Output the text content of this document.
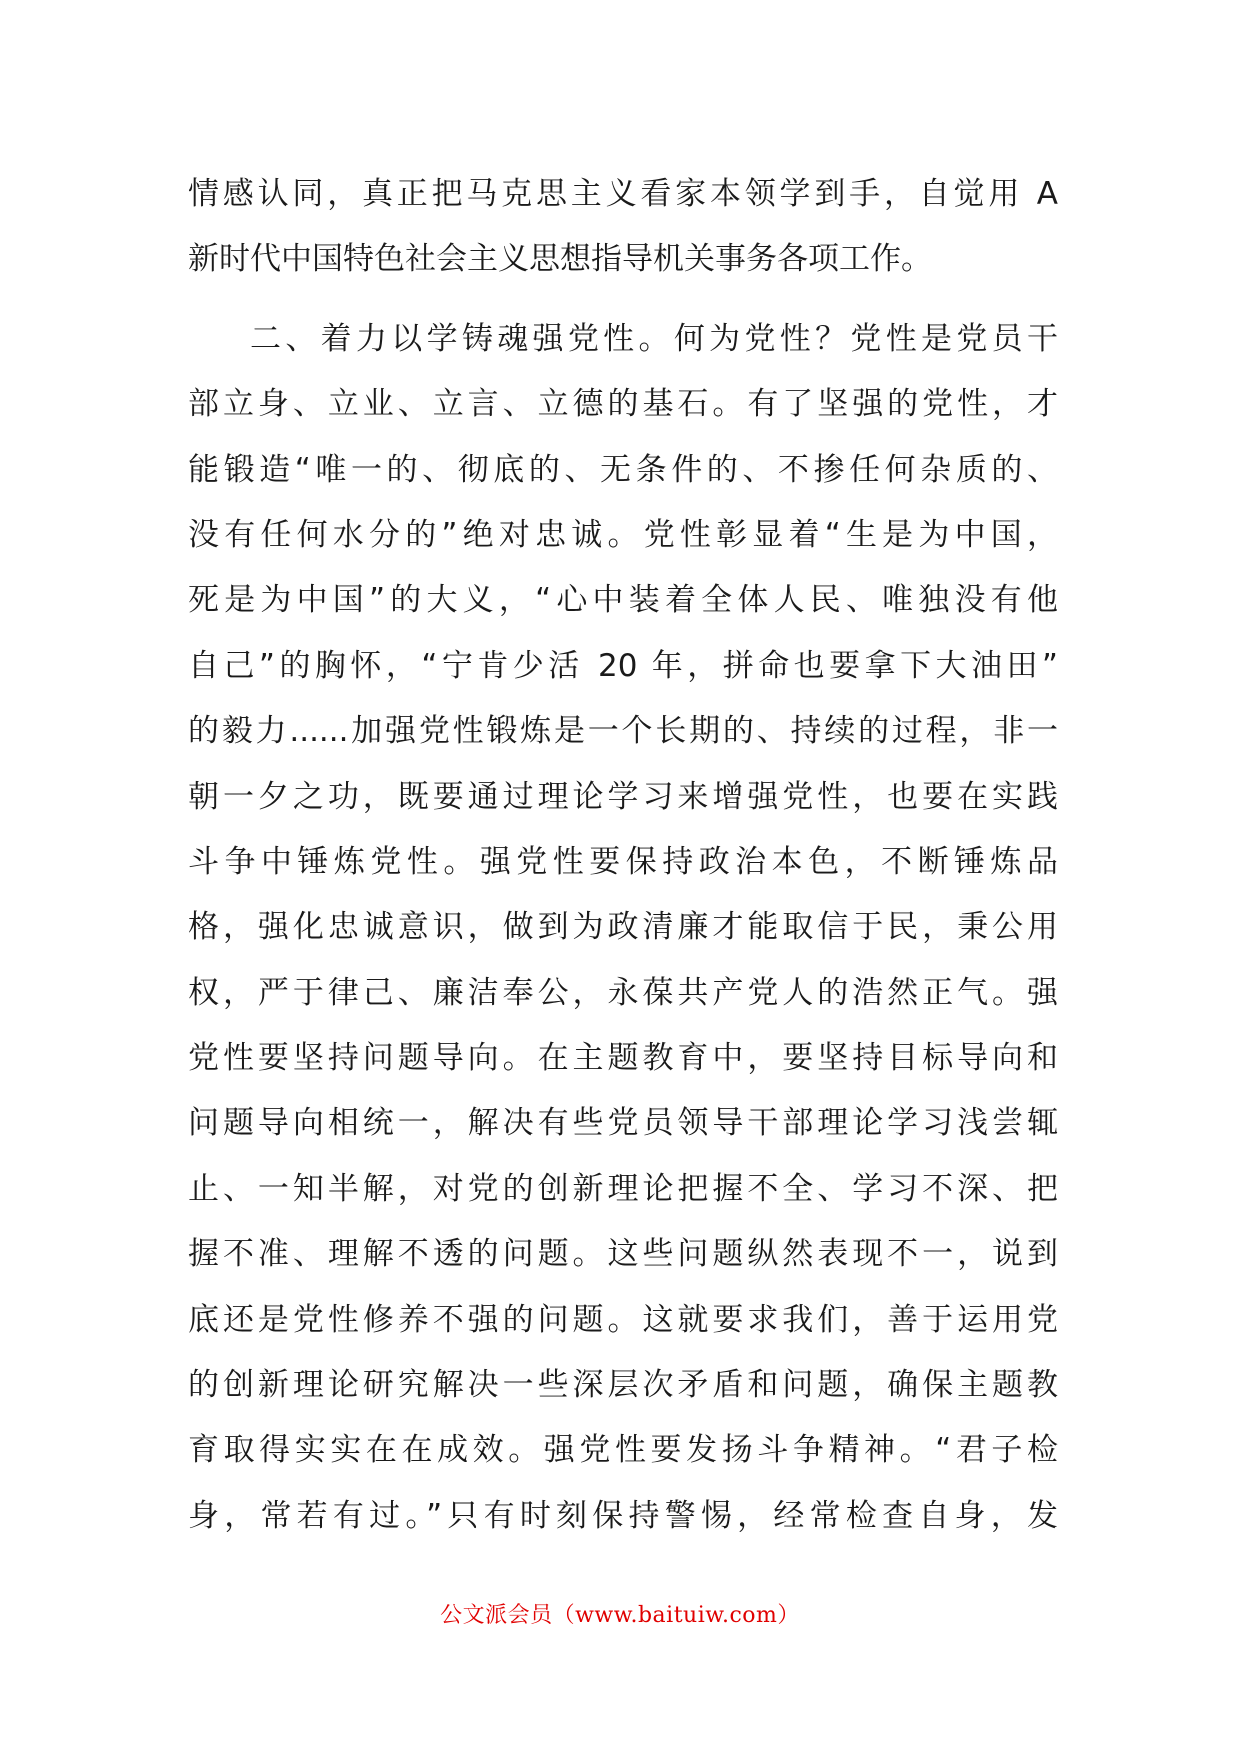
情感认同，真正把马克思主义看家本领学到手，自觉用 A
新时代中国特色社会主义思想指导机关事务各项工作。
二、着力以学铸魂强党性。何为党性？党性是党员干
部立身、立业、立言、立德的基石。有了坚强的党性，才
能锻造“唯一的、彻底的、无条件的、不掺任何杂质的、
没有任何水分的”绝对忠诚。党性彰显着“生是为中国，
死是为中国”的大义，“心中装着全体人民、唯独没有他
自己”的胸怀，“宁肯少活 20 年，拼命也要拿下大油田”
的毅力......加强党性锻炼是一个长期的、持续的过程，非一
朝一夕之功，既要通过理论学习来增强党性，也要在实践
斗争中锤炼党性。强党性要保持政治本色，不断锤炼品
格，强化忠诚意识，做到为政清廉才能取信于民，秉公用
权，严于律己、廉洁奉公，永葆共产党人的浩然正气。强
党性要坚持问题导向。在主题教育中，要坚持目标导向和
问题导向相统一，解决有些党员领导干部理论学习浅尝辄
止、一知半解，对党的创新理论把握不全、学习不深、把
握不准、理解不透的问题。这些问题纵然表现不一，说到
底还是党性修养不强的问题。这就要求我们，善于运用党
的创新理论研究解决一些深层次矛盾和问题，确保主题教
育取得实实在在成效。强党性要发扬斗争精神。“君子检
身，常若有过。”只有时刻保持警惕，经常检查自身，发
公文派会员（www.baituiw.com）
